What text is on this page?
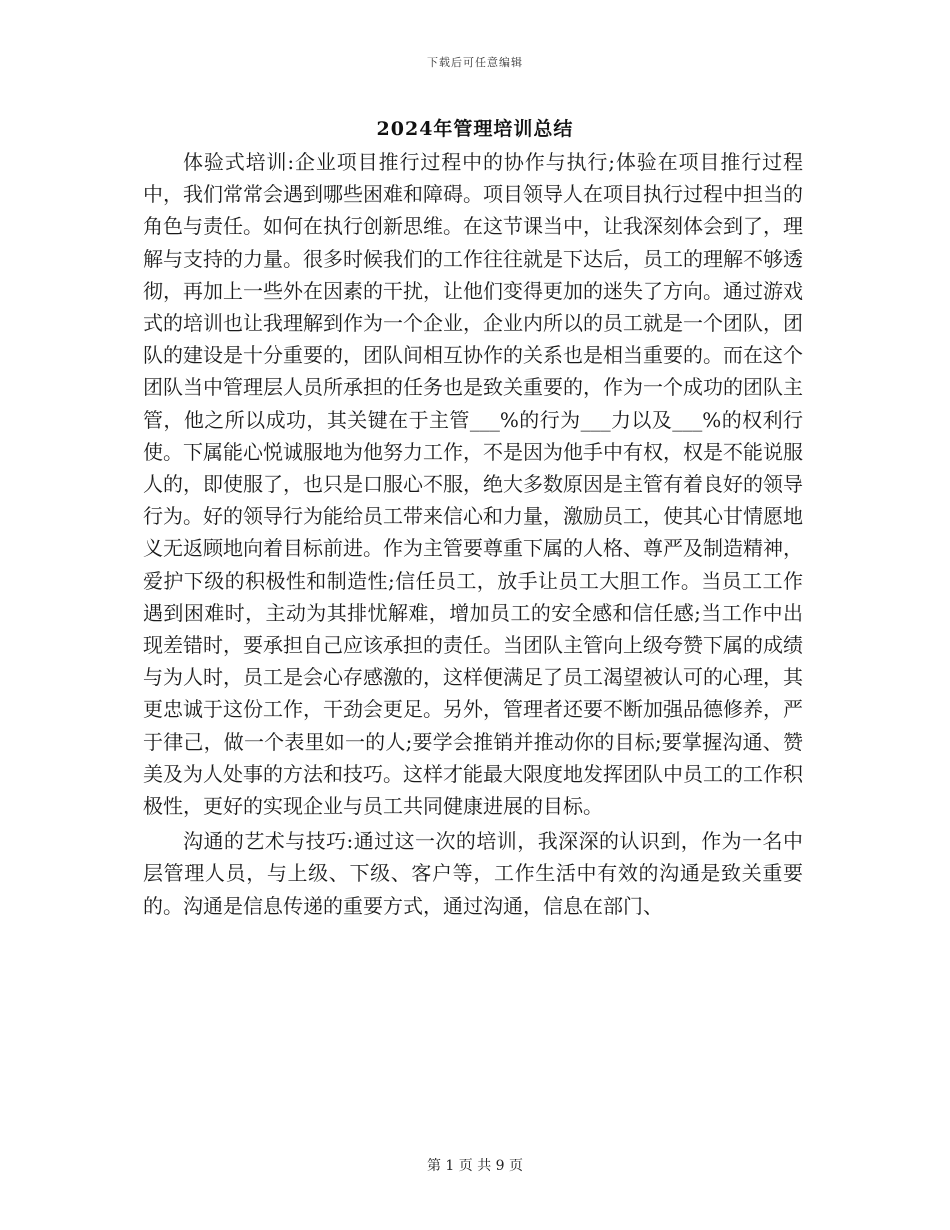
下载后可任意编辑
2024年管理培训总结

体验式培训:企业项目推行过程中的协作与执行;体验在项目推行过程中，我们常常会遇到哪些困难和障碍。项目领导人在项目执行过程中担当的角色与责任。如何在执行创新思维。在这节课当中，让我深刻体会到了，理解与支持的力量。很多时候我们的工作往往就是下达后，员工的理解不够透彻，再加上一些外在因素的干扰，让他们变得更加的迷失了方向。通过游戏式的培训也让我理解到作为一个企业，企业内所以的员工就是一个团队，团队的建设是十分重要的，团队间相互协作的关系也是相当重要的。而在这个团队当中管理层人员所承担的任务也是致关重要的，作为一个成功的团队主管，他之所以成功，其关键在于主管___%的行为___力以及___%的权利行使。下属能心悦诚服地为他努力工作，不是因为他手中有权，权是不能说服人的，即使服了，也只是口服心不服，绝大多数原因是主管有着良好的领导行为。好的领导行为能给员工带来信心和力量，激励员工，使其心甘情愿地义无返顾地向着目标前进。作为主管要尊重下属的人格、尊严及制造精神，爱护下级的积极性和制造性;信任员工，放手让员工大胆工作。当员工工作遇到困难时，主动为其排忧解难，增加员工的安全感和信任感;当工作中出现差错时，要承担自己应该承担的责任。当团队主管向上级夸赞下属的成绩与为人时，员工是会心存感激的，这样便满足了员工渴望被认可的心理，其更忠诚于这份工作，干劲会更足。另外，管理者还要不断加强品德修养，严于律己，做一个表里如一的人;要学会推销并推动你的目标;要掌握沟通、赞美及为人处事的方法和技巧。这样才能最大限度地发挥团队中员工的工作积极性，更好的实现企业与员工共同健康进展的目标。

沟通的艺术与技巧:通过这一次的培训，我深深的认识到，作为一名中层管理人员，与上级、下级、客户等，工作生活中有效的沟通是致关重要的。沟通是信息传递的重要方式，通过沟通，信息在部门、

第 1 页 共 9 页
